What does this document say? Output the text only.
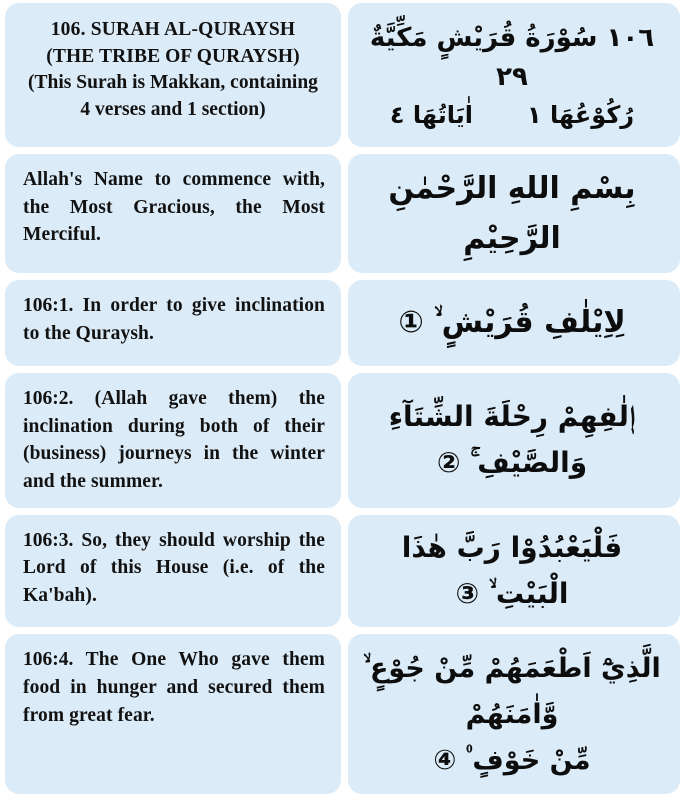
106. SURAH AL-QURAYSH
(THE TRIBE OF QURAYSH)
(This Surah is Makkan, containing
4 verses and 1 section)
١٠٦ سُوْرَةُ قُرَيْشٍ مَكِّيَّةٌ ٢٩
رُكُوْعُهَا ١
اٰيَاتُهَا ٤
Allah's Name to commence with, the Most Gracious, the Most Merciful.
بِسْمِ اللهِ الرَّحْمٰنِ الرَّحِيْمِ
106:1. In order to give inclination to the Quraysh.	لِاِيْلٰفِ قُرَيْشٍ ۙ ①
106:2. (Allah gave them) the inclination during both of their (business) journeys in the winter and the summer.
اٖلٰفِهِمْ رِحْلَةَ الشِّتَآءِ وَالصَّيْفِ ۚ ②
106:3. So, they should worship the Lord of this House (i.e. of the Ka'bah).
فَلْيَعْبُدُوْا رَبَّ هٰذَا الْبَيْتِ ۙ ③
106:4. The One Who gave them food in hunger and secured them from great fear.
الَّذِيْٓ اَطْعَمَهُمْ مِّنْ جُوْعٍ ۙ وَّاٰمَنَهُمْ
مِّنْ خَوْفٍ ۠ ④
